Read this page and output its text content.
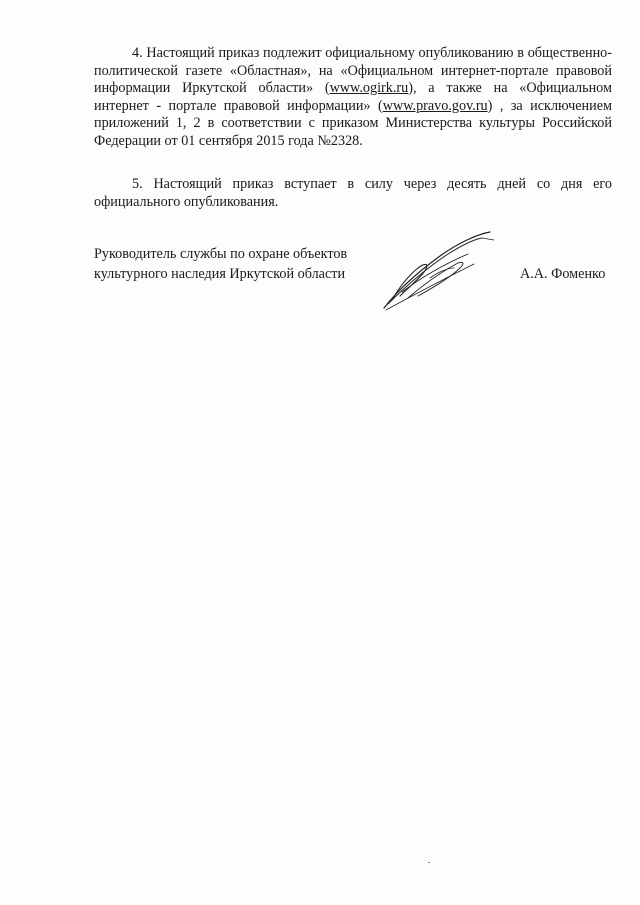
4. Настоящий приказ подлежит официальному опубликованию в общественно-политической газете «Областная», на «Официальном интернет-портале правовой информации Иркутской области» (www.ogirk.ru), а также на «Официальном интернет - портале правовой информации» (www.pravo.gov.ru) , за исключением приложений 1, 2 в соответствии с приказом Министерства культуры Российской Федерации от 01 сентября 2015 года №2328.
5. Настоящий приказ вступает в силу через десять дней со дня его официального опубликования.
Руководитель службы по охране объектов
культурного наследия Иркутской области	А.А. Фоменко
